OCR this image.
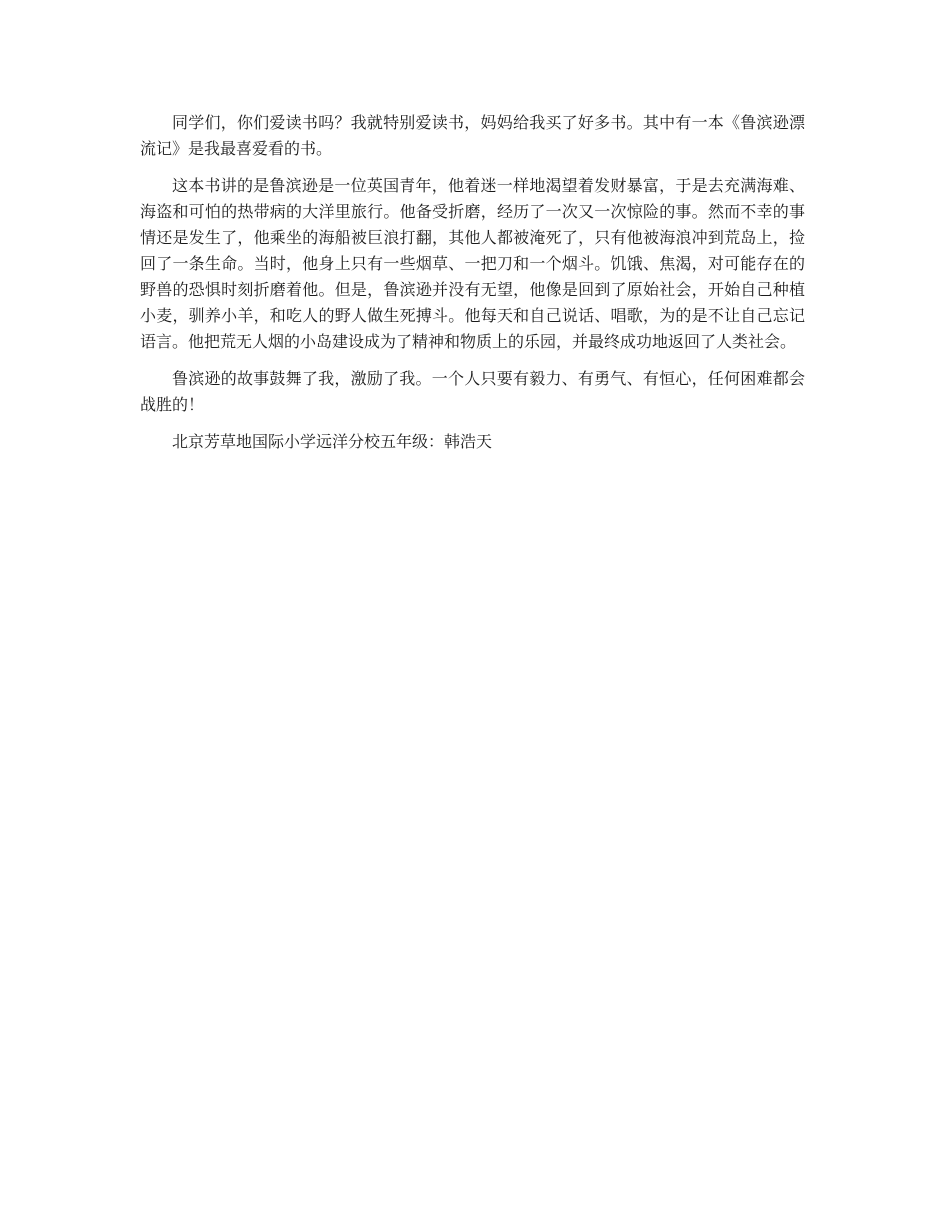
同学们，你们爱读书吗？我就特别爱读书，妈妈给我买了好多书。其中有一本《鲁滨逊漂流记》是我最喜爱看的书。

这本书讲的是鲁滨逊是一位英国青年，他着迷一样地渴望着发财暴富，于是去充满海难、海盗和可怕的热带病的大洋里旅行。他备受折磨，经历了一次又一次惊险的事。然而不幸的事情还是发生了，他乘坐的海船被巨浪打翻，其他人都被淹死了，只有他被海浪冲到荒岛上，捡回了一条生命。当时，他身上只有一些烟草、一把刀和一个烟斗。饥饿、焦渴，对可能存在的野兽的恐惧时刻折磨着他。但是，鲁滨逊并没有无望，他像是回到了原始社会，开始自己种植小麦，驯养小羊，和吃人的野人做生死搏斗。他每天和自己说话、唱歌，为的是不让自己忘记语言。他把荒无人烟的小岛建设成为了精神和物质上的乐园，并最终成功地返回了人类社会。

鲁滨逊的故事鼓舞了我，激励了我。一个人只要有毅力、有勇气、有恒心，任何困难都会战胜的！

北京芳草地国际小学远洋分校五年级：韩浩天
